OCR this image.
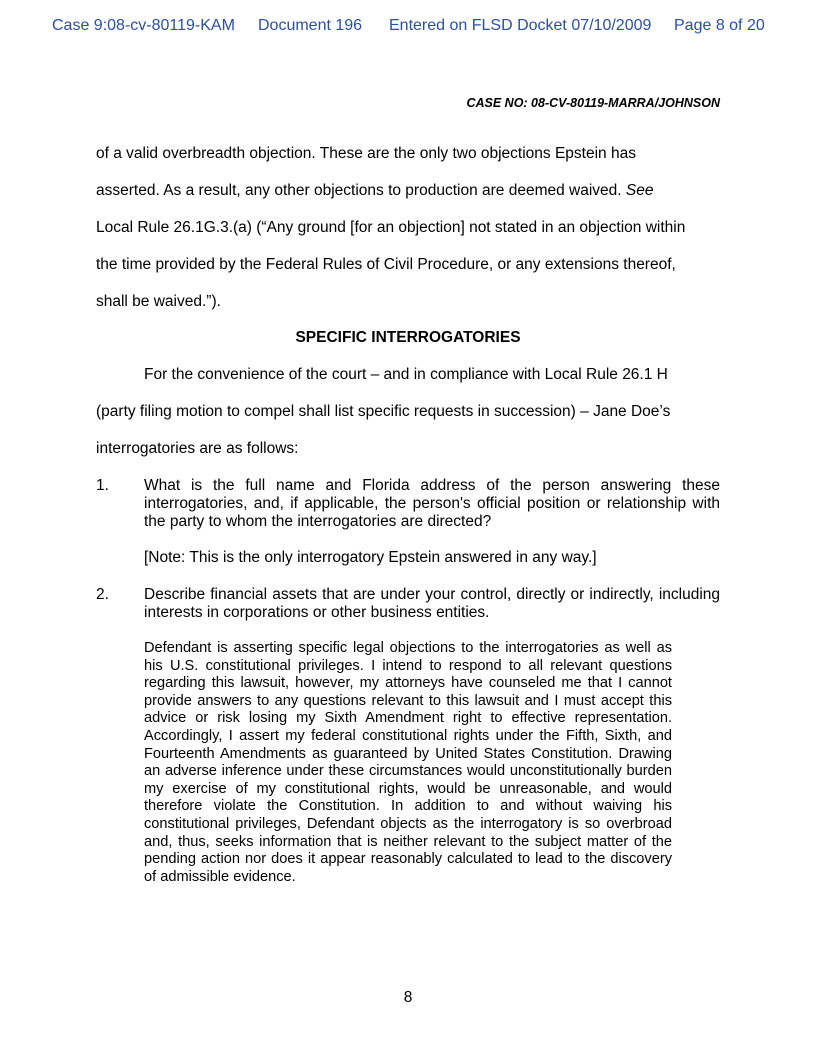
Case 9:08-cv-80119-KAM Document 196 Entered on FLSD Docket 07/10/2009 Page 8 of 20
CASE NO: 08-CV-80119-MARRA/JOHNSON
of a valid overbreadth objection. These are the only two objections Epstein has
asserted. As a result, any other objections to production are deemed waived. See
Local Rule 26.1G.3.(a) (“Any ground [for an objection] not stated in an objection within
the time provided by the Federal Rules of Civil Procedure, or any extensions thereof,
shall be waived.”).
SPECIFIC INTERROGATORIES
For the convenience of the court – and in compliance with Local Rule 26.1 H
(party filing motion to compel shall list specific requests in succession) – Jane Doe’s
interrogatories are as follows:
1. What is the full name and Florida address of the person answering these interrogatories, and, if applicable, the person's official position or relationship with the party to whom the interrogatories are directed?
[Note: This is the only interrogatory Epstein answered in any way.]
2. Describe financial assets that are under your control, directly or indirectly, including interests in corporations or other business entities.
Defendant is asserting specific legal objections to the interrogatories as well as his U.S. constitutional privileges. I intend to respond to all relevant questions regarding this lawsuit, however, my attorneys have counseled me that I cannot provide answers to any questions relevant to this lawsuit and I must accept this advice or risk losing my Sixth Amendment right to effective representation. Accordingly, I assert my federal constitutional rights under the Fifth, Sixth, and Fourteenth Amendments as guaranteed by United States Constitution. Drawing an adverse inference under these circumstances would unconstitutionally burden my exercise of my constitutional rights, would be unreasonable, and would therefore violate the Constitution. In addition to and without waiving his constitutional privileges, Defendant objects as the interrogatory is so overbroad and, thus, seeks information that is neither relevant to the subject matter of the pending action nor does it appear reasonably calculated to lead to the discovery of admissible evidence.
8
